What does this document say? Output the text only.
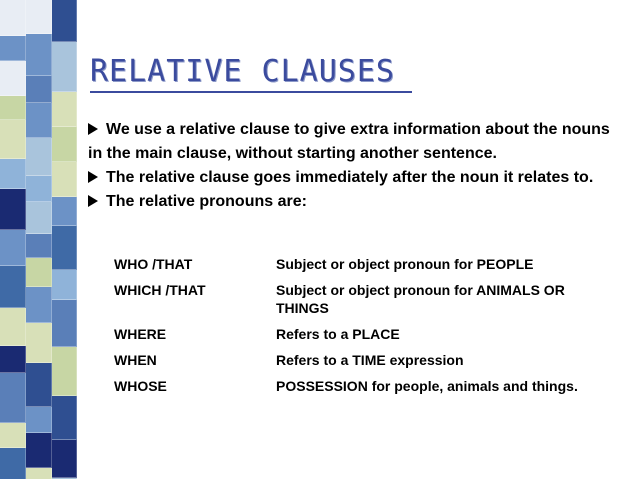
RELATIVE CLAUSES
We use a relative clause to give extra information about the nouns in the main clause, without starting another sentence.
The relative clause goes immediately after the noun it relates to.
The relative pronouns are:
WHO /THAT	Subject or object pronoun for PEOPLE
WHICH /THAT	Subject or object pronoun for ANIMALS OR THINGS
WHERE	Refers to a PLACE
WHEN	Refers to a TIME expression
WHOSE	POSSESSION for people, animals and things.
